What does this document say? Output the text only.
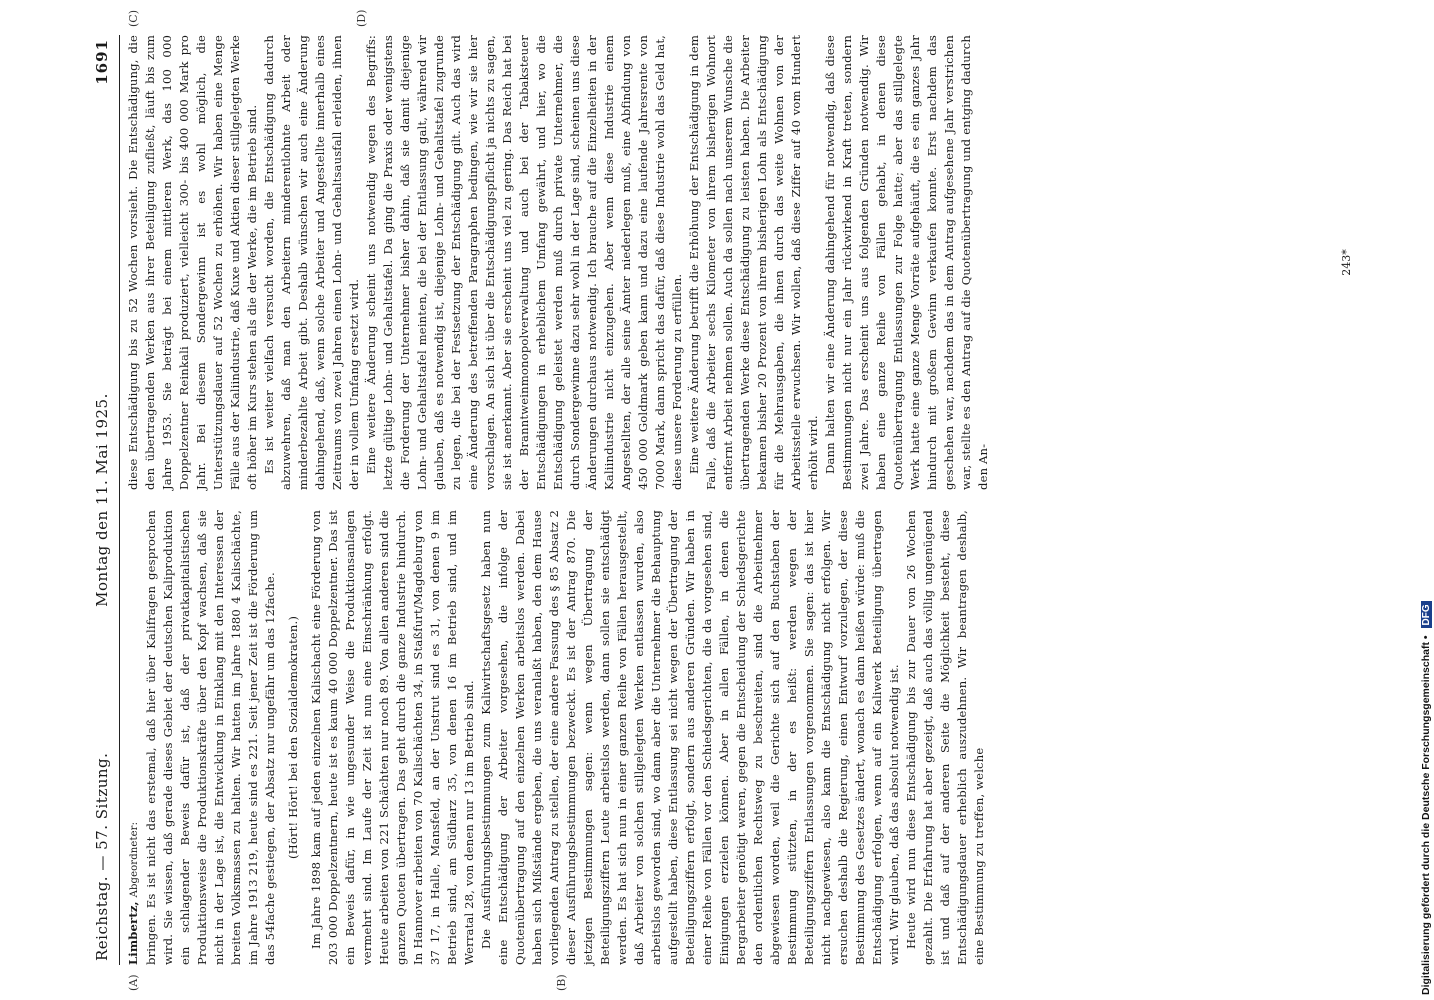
Reichstag. — 57. Sitzung.
Montag den 11. Mai 1925.
1691
(A)	(B)
(C)	(D)

Limbertz, Abgeordneter: bringen. Es ist nicht das erstemal, daß hier über Kalifragen gesprochen wird. Sie wissen, daß gerade dieses Gebiet der deutschen Kaliproduktion ein schlagender Beweis dafür ist, daß der privatkapitalistischen Produktionsweise die Produktionskräfte über den Kopf wachsen, daß sie nicht in der Lage ist, die Entwicklung in Einklang mit den Interessen der breiten Volksmassen zu halten. Wir hatten im Jahre 1880 4 Kalischächte, im Jahre 1913 219, heute sind es 221. Seit jener Zeit ist die Förderung um das 54fache gestiegen, der Absatz nur ungefähr um das 12fache. (Hört! Hört! bei den Sozialdemokraten.) Im Jahre 1898 kam auf jeden einzelnen Kalischacht eine Förderung von 203 000 Doppelzentnern, heute ist es kaum 40 000 Doppelzentner. Das ist ein Beweis dafür, in wie ungesunder Weise die Produktionsanlagen vermehrt sind. Im Laufe der Zeit ist nun eine Einschränkung erfolgt. Heute arbeiten von 221 Schächten nur noch 89. Von allen anderen sind die ganzen Quoten übertragen. Das geht durch die ganze Industrie hindurch. In Hannover arbeiten von 70 Kalischächten 34, in Staßfurt/Magdeburg von 37 17, in Halle, Mansfeld, an der Unstrut sind es 31, von denen 9 im Betrieb sind, am Südharz 35, von denen 16 im Betrieb sind, und im Werratal 28, von denen nur 13 im Betrieb sind. Die Ausführungsbestimmungen zum Kaliwirtschaftsgesetz haben nun eine Entschädigung der Arbeiter vorgesehen, die infolge der Quotenübertragung auf den einzelnen Werken arbeitslos werden. Dabei haben sich Mißstände ergeben, die uns veranlaßt haben, den dem Hause vorliegenden Antrag zu stellen, der eine andere Fassung des § 85 Absatz 2 dieser Ausführungsbestimmungen bezweckt. Es ist der Antrag 870. Die jetzigen Bestimmungen sagen: wenn wegen Übertragung der Beteiligungsziffern Leute arbeitslos werden, dann sollen sie entschädigt werden. Es hat sich nun in einer ganzen Reihe von Fällen herausgestellt, daß Arbeiter von solchen stillgelegten Werken entlassen wurden, also arbeitslos geworden sind, wo dann aber die Unternehmer die Behauptung aufgestellt haben, diese Entlassung sei nicht wegen der Übertragung der Beteiligungsziffern erfolgt, sondern aus anderen Gründen. Wir haben in einer Reihe von Fällen vor den Schiedsgerichten, die da vorgesehen sind, Einigungen erzielen können. Aber in allen Fällen, in denen die Bergarbeiter genötigt waren, gegen die Entscheidung der Schiedsgerichte den ordentlichen Rechtsweg zu beschreiten, sind die Arbeitnehmer abgewiesen worden, weil die Gerichte sich auf den Buchstaben der Bestimmung stützten, in der es heißt: werden wegen der Beteiligungsziffern Entlassungen vorgenommen. Sie sagen: das ist hier nicht nachgewiesen, also kann die Entschädigung nicht erfolgen. Wir ersuchen deshalb die Regierung, einen Entwurf vorzulegen, der diese Bestimmung des Gesetzes ändert, wonach es dann heißen würde: muß die Entschädigung erfolgen, wenn auf ein Kaliwerk Beteiligung übertragen wird. Wir glauben, daß das absolut notwendig ist. Heute wird nun diese Entschädigung bis zur Dauer von 26 Wochen gezahlt. Die Erfahrung hat aber gezeigt, daß auch das völlig ungenügend ist und daß auf der anderen Seite die Möglichkeit besteht, diese Entschädigungsdauer erheblich auszudehnen. Wir beantragen deshalb, eine Bestimmung zu treffen, welche

diese Entschädigung bis zu 52 Wochen vorsieht. Die Entschädigung, die den übertragenden Werken aus ihrer Beteiligung zufließt, läuft bis zum Jahre 1953. Sie beträgt bei einem mittleren Werk, das 100 000 Doppelzentner Reinkali produziert, vielleicht 300- bis 400 000 Mark pro Jahr. Bei diesem Sondergewinn ist es wohl möglich, die Unterstützungsdauer auf 52 Wochen zu erhöhen. Wir haben eine Menge Fälle aus der Kaliindustrie, daß Kuxe und Aktien dieser stillgelegten Werke oft höher im Kurs stehen als die der Werke, die im Betrieb sind. Es ist weiter vielfach versucht worden, die Entschädigung dadurch abzuwehren, daß man den Arbeitern minderentlohnte Arbeit oder minderbezahlte Arbeit gibt. Deshalb wünschen wir auch eine Änderung dahingehend, daß, wenn solche Arbeiter und Angestellte innerhalb eines Zeitraums von zwei Jahren einen Lohn- und Gehaltsausfall erleiden, ihnen der in vollem Umfang ersetzt wird. Eine weitere Änderung scheint uns notwendig wegen des Begriffs: letzte gültige Lohn- und Gehaltstafel. Da ging die Praxis oder wenigstens die Forderung der Unternehmer bisher dahin, daß sie damit diejenige Lohn- und Gehaltstafel meinten, die bei der Entlassung galt, während wir glauben, daß es notwendig ist, diejenige Lohn- und Gehaltstafel zugrunde zu legen, die bei der Festsetzung der Entschädigung gilt. Auch das wird eine Änderung des betreffenden Paragraphen bedingen, wie wir sie hier vorschlagen. An sich ist über die Entschädigungspflicht ja nichts zu sagen, sie ist anerkannt. Aber sie erscheint uns viel zu gering. Das Reich hat bei der Branntweinmonopolverwaltung und auch bei der Tabaksteuer Entschädigungen in erheblichem Umfang gewährt, und hier, wo die Entschädigung geleistet werden muß durch private Unternehmer, die durch Sondergewinne dazu sehr wohl in der Lage sind, scheinen uns diese Änderungen durchaus notwendig. Ich brauche auf die Einzelheiten in der Kaliindustrie nicht einzugehen. Aber wenn diese Industrie einem Angestellten, der alle seine Ämter niederlegen muß, eine Abfindung von 450 000 Goldmark geben kann und dazu eine laufende Jahresrente von 7000 Mark, dann spricht das dafür, daß diese Industrie wohl das Geld hat, diese unsere Forderung zu erfüllen. Eine weitere Änderung betrifft die Erhöhung der Entschädigung in dem Falle, daß die Arbeiter sechs Kilometer von ihrem bisherigen Wohnort entfernt Arbeit nehmen sollen. Auch da sollen nach unserem Wunsche die übertragenden Werke diese Entschädigung zu leisten haben. Die Arbeiter bekamen bisher 20 Prozent von ihrem bisherigen Lohn als Entschädigung für die Mehrausgaben, die ihnen durch das weite Wohnen von der Arbeitsstelle erwuchsen. Wir wollen, daß diese Ziffer auf 40 vom Hundert erhöht wird. Dann halten wir eine Änderung dahingehend für notwendig, daß diese Bestimmungen nicht nur ein Jahr rückwirkend in Kraft treten, sondern zwei Jahre. Das erscheint uns aus folgenden Gründen notwendig. Wir haben eine ganze Reihe von Fällen gehabt, in denen diese Quotenübertragung Entlassungen zur Folge hatte; aber das stillgelegte Werk hatte eine ganze Menge Vorräte aufgehäuft, die es ein ganzes Jahr hindurch mit großem Gewinn verkaufen konnte. Erst nachdem das geschehen war, nachdem das in dem Antrag aufgesehene Jahr verstrichen war, stellte es den Antrag auf die Quotenübertragung und entging dadurch den An-

243*
Digitalisierung gefördert durch die Deutsche Forschungsgemeinschaft • DFG
